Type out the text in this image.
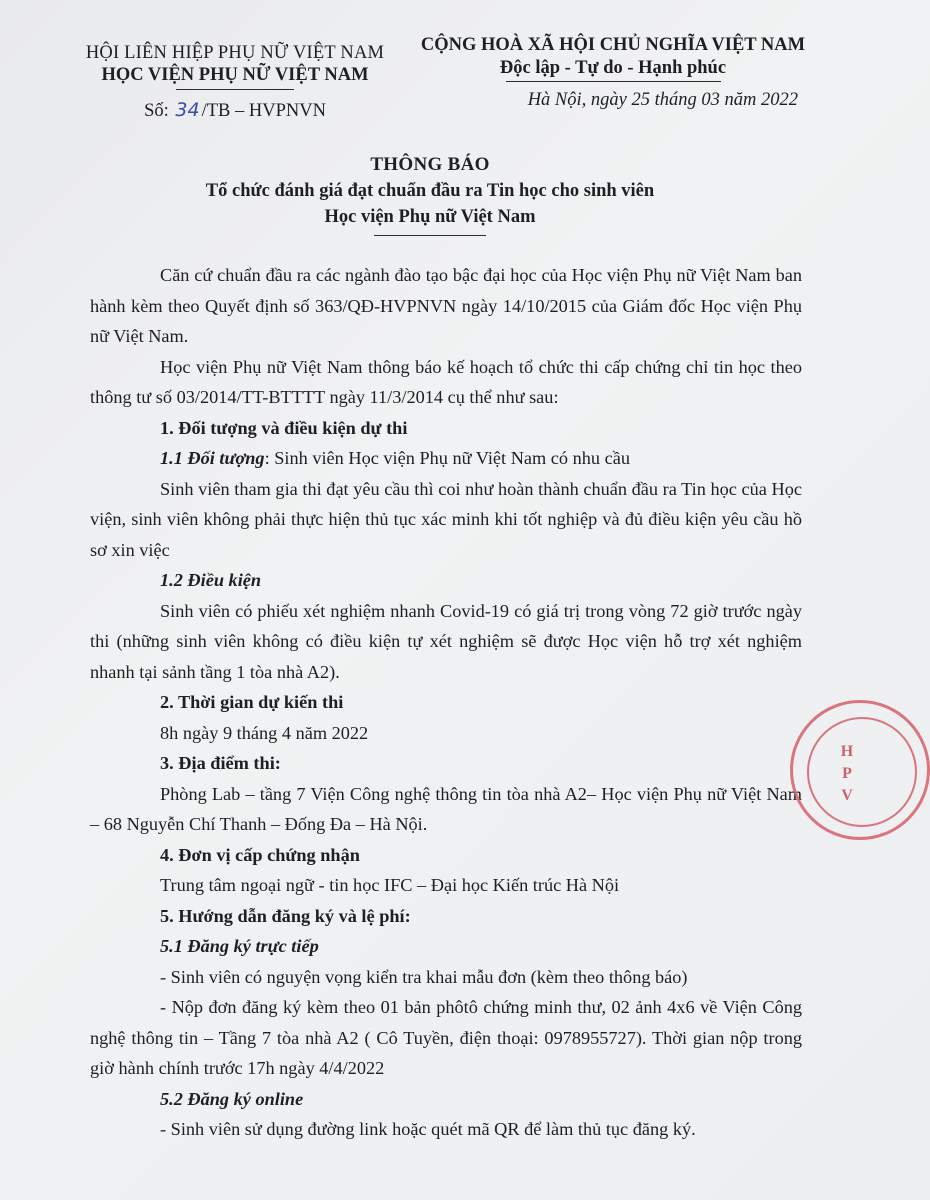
HỘI LIÊN HIỆP PHỤ NỮ VIỆT NAM
HỌC VIỆN PHỤ NỮ VIỆT NAM
Số: 34 /TB – HVPNVN
CỘNG HOÀ XÃ HỘI CHỦ NGHĨA VIỆT NAM
Độc lập - Tự do - Hạnh phúc
Hà Nội, ngày 25 tháng 03 năm 2022
THÔNG BÁO
Tổ chức đánh giá đạt chuẩn đầu ra Tin học cho sinh viên
Học viện Phụ nữ Việt Nam

Căn cứ chuẩn đầu ra các ngành đào tạo bậc đại học của Học viện Phụ nữ Việt Nam ban hành kèm theo Quyết định số 363/QĐ-HVPNVN ngày 14/10/2015 của Giám đốc Học viện Phụ nữ Việt Nam.

Học viện Phụ nữ Việt Nam thông báo kế hoạch tổ chức thi cấp chứng chỉ tin học theo thông tư số 03/2014/TT-BTTTT ngày 11/3/2014 cụ thể như sau:

1. Đối tượng và điều kiện dự thi

1.1 Đối tượng: Sinh viên Học viện Phụ nữ Việt Nam có nhu cầu

Sinh viên tham gia thi đạt yêu cầu thì coi như hoàn thành chuẩn đầu ra Tin học của Học viện, sinh viên không phải thực hiện thủ tục xác minh khi tốt nghiệp và đủ điều kiện yêu cầu hồ sơ xin việc

1.2 Điều kiện

Sinh viên có phiếu xét nghiệm nhanh Covid-19 có giá trị trong vòng 72 giờ trước ngày thi (những sinh viên không có điều kiện tự xét nghiệm sẽ được Học viện hỗ trợ xét nghiệm nhanh tại sảnh tầng 1 tòa nhà A2).

2. Thời gian dự kiến thi

8h ngày 9 tháng 4 năm 2022

3. Địa điểm thi:

Phòng Lab – tầng 7 Viện Công nghệ thông tin tòa nhà A2– Học viện Phụ nữ Việt Nam – 68 Nguyễn Chí Thanh – Đống Đa – Hà Nội.

4. Đơn vị cấp chứng nhận

Trung tâm ngoại ngữ - tin học IFC – Đại học Kiến trúc Hà Nội

5. Hướng dẫn đăng ký và lệ phí:

5.1 Đăng ký trực tiếp

- Sinh viên có nguyện vọng kiển tra khai mẫu đơn (kèm theo thông báo)

- Nộp đơn đăng ký kèm theo 01 bản phôtô chứng minh thư, 02 ảnh 4x6 về Viện Công nghệ thông tin – Tầng 7 tòa nhà A2 ( Cô Tuyền, điện thoại: 0978955727). Thời gian nộp trong giờ hành chính trước 17h ngày 4/4/2022

5.2 Đăng ký online

- Sinh viên sử dụng đường link hoặc quét mã QR để làm thủ tục đăng ký.

H
P
V
